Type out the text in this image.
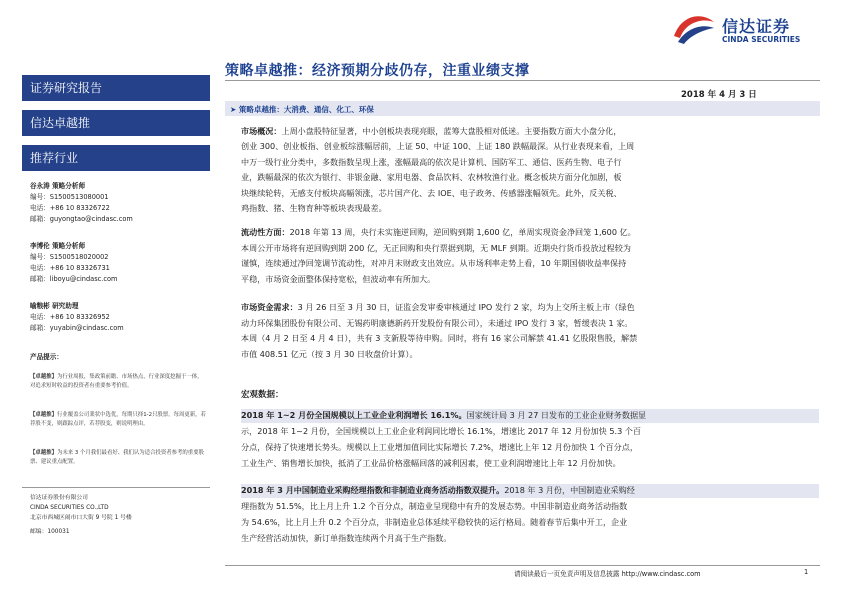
信达证券
CINDA SECURITIES
证券研究报告
信达卓越推
推荐行业
谷永涛 策略分析师
编号：S1500513080001
电话：+86 10 83326722
邮箱：guyongtao@cindasc.com
李博伦 策略分析师
编号：S1500518020002
电话：+86 10 83326731
邮箱：liboyu@cindasc.com
喻粮彬 研究助理
电话：+86 10 83326952
邮箱：yuyabin@cindasc.com
产品提示：
【卓越推】为行业周报，集政策前瞻、市场热点，行业深度挖掘于一体，对追求短时收益的投资者有重要参考价值。
【卓越推】行业覆盖公司業状中选优，每期只择1-2只股票。每周更新，若荐股不变，则跟踪点评，若荐股变，则说明理由。
【卓越推】为未来 3 个月我们最看好、我们认为适合投资者参考的重要股票、建议重点配置。
信达证券股份有限公司
CINDA SECURITIES CO.,LTD
北京市西城区闹市口大街 9 号院 1 号楼
邮编：100031
策略卓越推：经济预期分歧仍存，注重业绩支撑
2018 年 4 月 3 日
➤ 策略卓越推：大消费、通信、化工、环保
市场概况：上周小盘股特征显著，中小创板块表现亮眼，蓝筹大盘股相对低迷。主要指数方面大小盘分化，
创业 300、创业板指、创业板综涨幅居前，上证 50、中证 100、上证 180 跌幅最深。从行业表现来看，上周
中万一级行业分类中，多数指数呈现上涨，涨幅最高的依次是计算机、国防军工、通信、医药生物、电子行
业，跌幅最深的依次为银行、非银金融、家用电器、食品饮料、农林牧渔行业。概念板块方面分化加剧，板
块继续轮转，无感支付板块高幅领涨，芯片国产化、去 IOE、电子政务、传感器涨幅领先。此外，反关税、
鸡指数、猪、生物育种等板块表现最差。
流动性方面：2018 年第 13 周，央行未实施逆回购，逆回购到期 1,600 亿，单周实现资金净回笼 1,600 亿。
本周公开市场将有逆回购到期 200 亿，无正回购和央行票据到期，无 MLF 到期。近期央行货币投放过程较为
谨慎，连续通过净回笼调节流动性，对冲月末财政支出效应。从市场利率走势上看，10 年期国债收益率保持
平稳，市场资金面整体保持宽松，但波动率有所加大。
市场资金需求：3 月 26 日至 3 月 30 日，证监会发审委审核通过 IPO 发行 2 家，均为上交所主板上市（绿色
动力环保集团股份有限公司、无锡药明康德新药开发股份有限公司），未通过 IPO 发行 3 家，暂缓表决 1 家。
本周（4 月 2 日至 4 月 4 日），共有 3 支新股等待申购。同时，将有 16 家公司解禁 41.41 亿股限售股，解禁
市值 408.51 亿元（按 3 月 30 日收盘价计算）。
宏观数据：
2018 年 1~2 月份全国规模以上工业企业利润增长 16.1%。国家统计局 3 月 27 日发布的工业企业财务数据显
示，2018 年 1~2 月份，全国规模以上工业企业利润同比增长 16.1%，增速比 2017 年 12 月份加快 5.3 个百
分点，保持了快速增长势头。规模以上工业增加值同比实际增长 7.2%，增速比上年 12 月份加快 1 个百分点，
工业生产、销售增长加快，抵消了工业品价格涨幅回落的减利因素，使工业利润增速比上年 12 月份加快。
2018 年 3 月中国制造业采购经理指数和非制造业商务活动指数双提升。2018 年 3 月份，中国制造业采购经
理指数为 51.5%，比上月上升 1.2 个百分点，制造业呈现稳中有升的发展态势。中国非制造业商务活动指数
为 54.6%，比上月上升 0.2 个百分点，非制造业总体延续平稳较快的运行格局。随着春节后集中开工，企业
生产经营活动加快，新订单指数连续两个月高于生产指数。
请阅读最后一页免责声明及信息披露 http://www.cindasc.com	1
